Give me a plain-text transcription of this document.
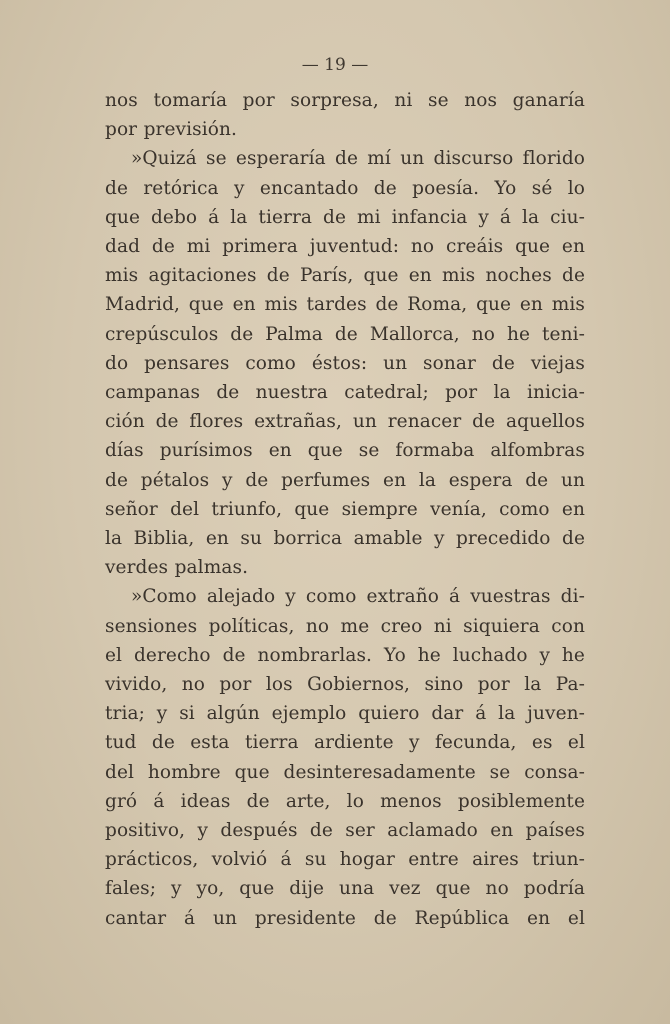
— 19 —
nos tomaría por sorpresa, ni se nos ganaría
por previsión.
»Quizá se esperaría de mí un discurso florido
de retórica y encantado de poesía. Yo sé lo
que debo á la tierra de mi infancia y á la ciu-
dad de mi primera juventud: no creáis que en
mis agitaciones de París, que en mis noches de
Madrid, que en mis tardes de Roma, que en mis
crepúsculos de Palma de Mallorca, no he teni-
do pensares como éstos: un sonar de viejas
campanas de nuestra catedral; por la inicia-
ción de flores extrañas, un renacer de aquellos
días purísimos en que se formaba alfombras
de pétalos y de perfumes en la espera de un
señor del triunfo, que siempre venía, como en
la Biblia, en su borrica amable y precedido de
verdes palmas.
»Como alejado y como extraño á vuestras di-
sensiones políticas, no me creo ni siquiera con
el derecho de nombrarlas. Yo he luchado y he
vivido, no por los Gobiernos, sino por la Pa-
tria; y si algún ejemplo quiero dar á la juven-
tud de esta tierra ardiente y fecunda, es el
del hombre que desinteresadamente se consa-
gró á ideas de arte, lo menos posiblemente
positivo, y después de ser aclamado en países
prácticos, volvió á su hogar entre aires triun-
fales; y yo, que dije una vez que no podría
cantar á un presidente de República en el
